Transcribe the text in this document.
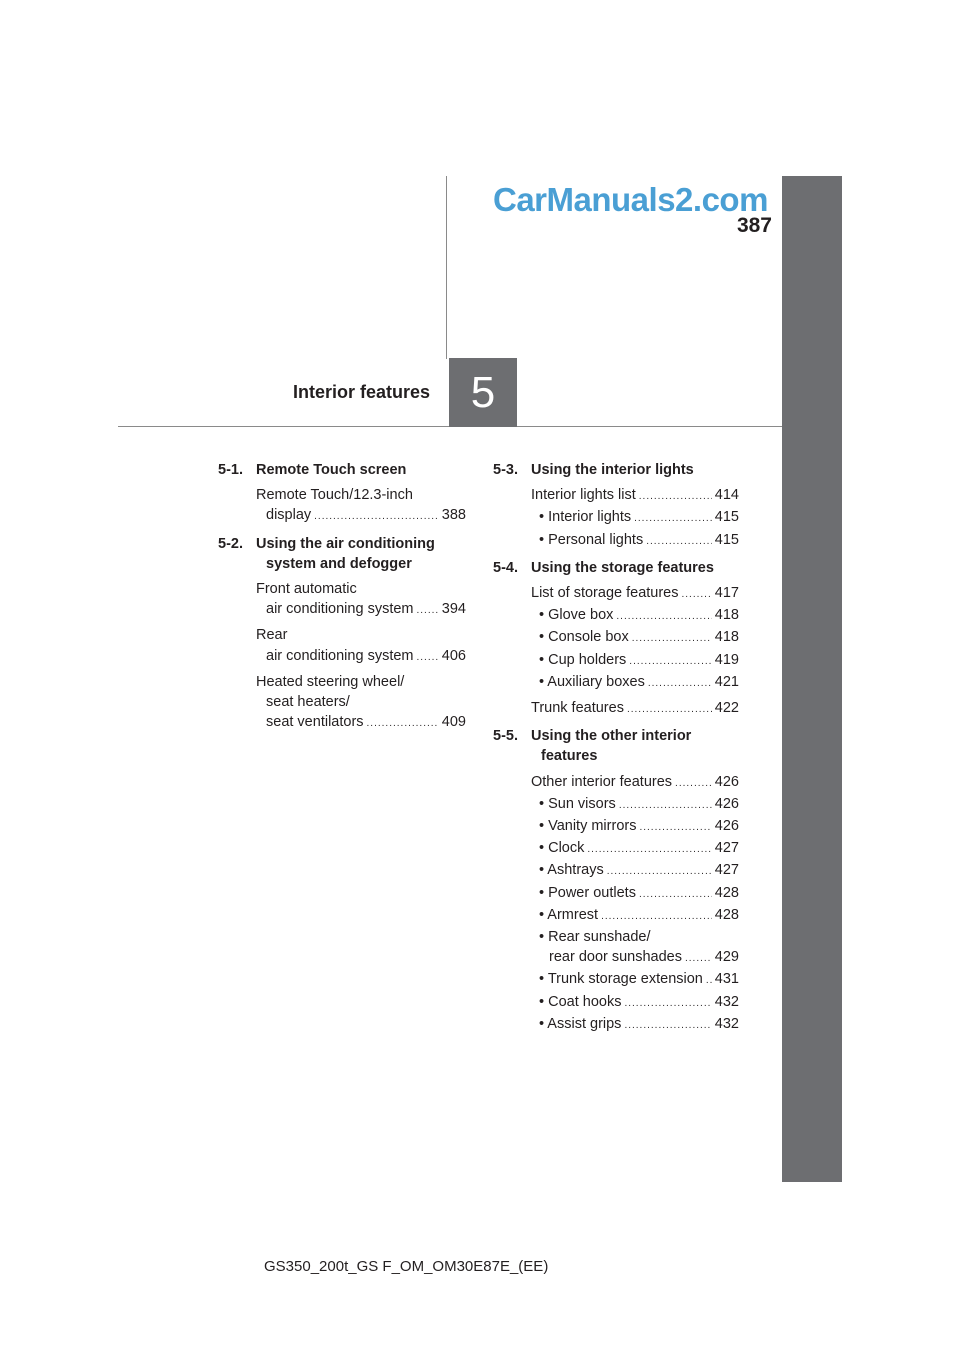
CarManuals2.com
387
Interior features 5
5-1. Remote Touch screen
Remote Touch/12.3-inch
display .....	388
5-2. Using the air conditioning system and defogger
Front automatic
air conditioning system ..... 394
Rear
air conditioning system ..... 406
Heated steering wheel/
seat heaters/
seat ventilators .....	409
5-3. Using the interior lights
Interior lights list .....	414
• Interior lights .....	415
• Personal lights .....	415
5-4. Using the storage features
List of storage features .....	417
• Glove box .....	418
• Console box .....	418
• Cup holders .....	419
• Auxiliary boxes .....	421
Trunk features .....	422
5-5. Using the other interior features
Other interior features .....	426
• Sun visors .....	426
• Vanity mirrors .....	426
• Clock .....	427
• Ashtrays .....	427
• Power outlets .....	428
• Armrest .....	428
• Rear sunshade/
rear door sunshades ..... 429
• Trunk storage extension ..... 431
• Coat hooks .....	432
• Assist grips .....	432
GS350_200t_GS F_OM_OM30E87E_(EE)
